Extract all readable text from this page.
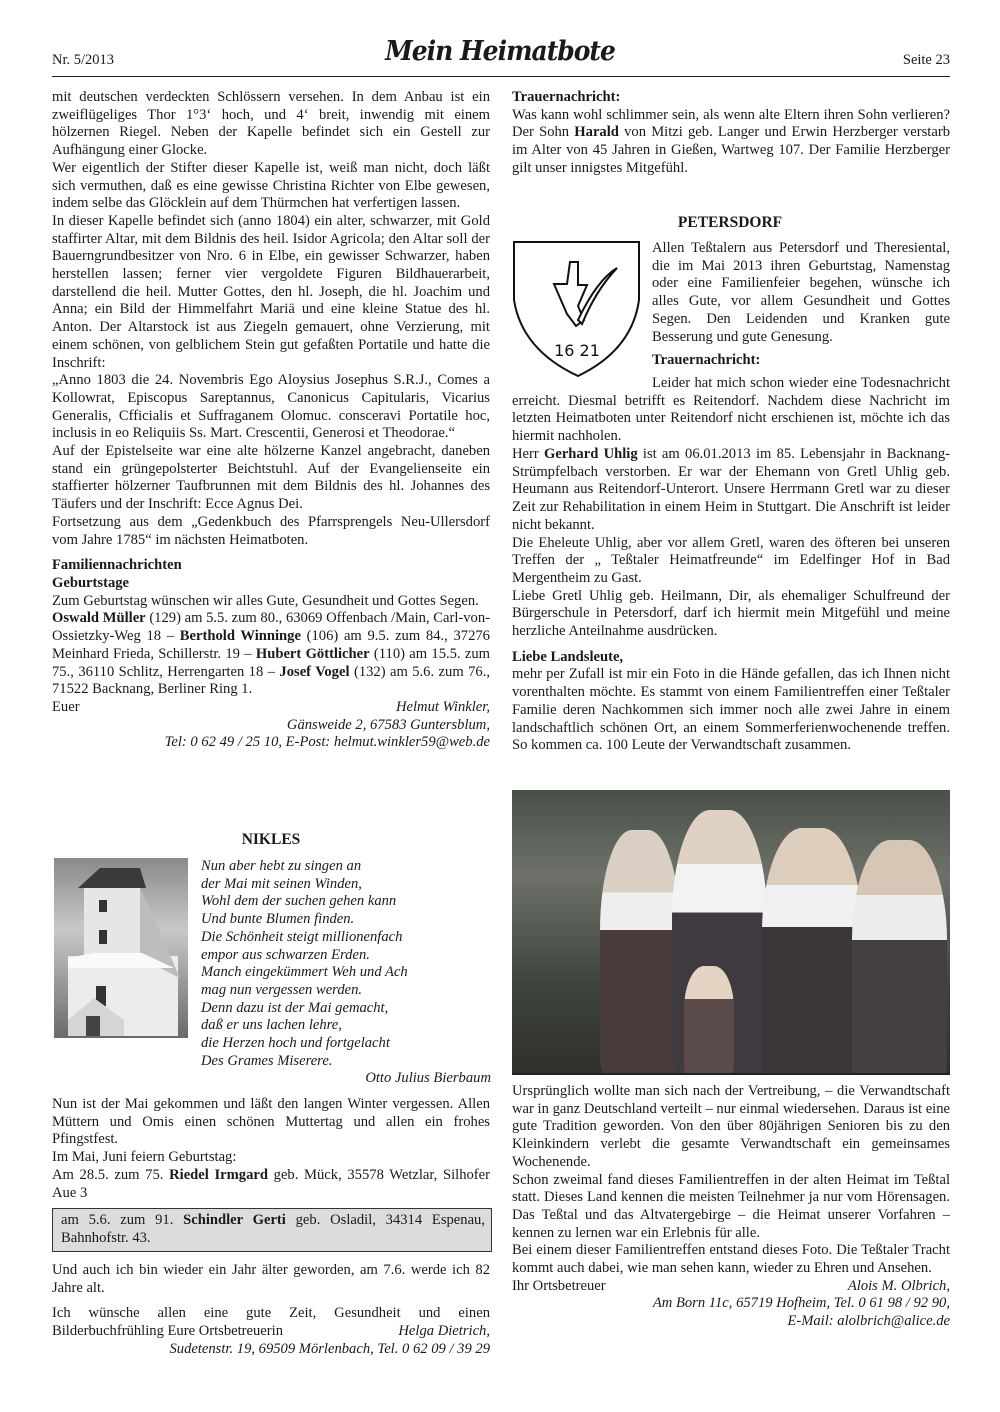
Nr. 5/2013	Mein Heimatbote	Seite 23

mit deutschen verdeckten Schlössern versehen. In dem Anbau ist ein zweiflügeliges Thor 1°3‘ hoch, und 4‘ breit, inwendig mit einem hölzernen Riegel. Neben der Kapelle befindet sich ein Gestell zur Aufhängung einer Glocke.

Wer eigentlich der Stifter dieser Kapelle ist, weiß man nicht, doch läßt sich vermuthen, daß es eine gewisse Christina Richter von Elbe gewesen, indem selbe das Glöcklein auf dem Thürmchen hat verfertigen lassen.

In dieser Kapelle befindet sich (anno 1804) ein alter, schwarzer, mit Gold staffirter Altar, mit dem Bildnis des heil. Isidor Agricola; den Altar soll der Bauerngrundbesitzer von Nro. 6 in Elbe, ein gewisser Schwarzer, haben herstellen lassen; ferner vier vergoldete Figuren Bildhauerarbeit, darstellend die heil. Mutter Gottes, den hl. Joseph, die hl. Joachim und Anna; ein Bild der Himmelfahrt Mariä und eine kleine Statue des hl. Anton. Der Altarstock ist aus Ziegeln gemauert, ohne Verzierung, mit einem schönen, von gelblichem Stein gut gefaßten Portatile und hatte die Inschrift:

„Anno 1803 die 24. Novembris Ego Aloysius Josephus S.R.J., Comes a Kollowrat, Episcopus Sareptannus, Canonicus Capitularis, Vicarius Generalis, Cfficialis et Suffraganem Olomuc. consceravi Portatile hoc, inclusis in eo Reliquiis Ss. Mart. Crescentii, Generosi et Theodorae.“

Auf der Epistelseite war eine alte hölzerne Kanzel angebracht, daneben stand ein grüngepolsterter Beichtstuhl. Auf der Evangelienseite ein staffierter hölzerner Taufbrunnen mit dem Bildnis des hl. Johannes des Täufers und der Inschrift: Ecce Agnus Dei.

Fortsetzung aus dem „Gedenkbuch des Pfarrsprengels Neu-Ullersdorf vom Jahre 1785“ im nächsten Heimatboten.

Familiennachrichten

Geburtstage

Zum Geburtstag wünschen wir alles Gute, Gesundheit und Gottes Segen.

Oswald Müller (129) am 5.5. zum 80., 63069 Offenbach /Main, Carl-von-Ossietzky-Weg 18 – Berthold Winninge (106) am 9.5. zum 84., 37276 Meinhard Frieda, Schillerstr. 19 – Hubert Göttlicher (110) am 15.5. zum 75., 36110 Schlitz, Herrengarten 18 – Josef Vogel (132) am 5.6. zum 76., 71522 Backnang, Berliner Ring 1.

Euer	Helmut Winkler,

Gänsweide 2, 67583 Guntersblum,

Tel: 0 62 49 / 25 10, E-Post: helmut.winkler59@web.de

NIKLES

Nun aber hebt zu singen an

der Mai mit seinen Winden,

Wohl dem der suchen gehen kann

Und bunte Blumen finden.

Die Schönheit steigt millionenfach

empor aus schwarzen Erden.

Manch eingekümmert Weh und Ach

mag nun vergessen werden.

Denn dazu ist der Mai gemacht,

daß er uns lachen lehre,

die Herzen hoch und fortgelacht

Des Grames Miserere.

Otto Julius Bierbaum

Nun ist der Mai gekommen und läßt den langen Winter vergessen. Allen Müttern und Omis einen schönen Muttertag und allen ein frohes Pfingstfest.

Im Mai, Juni feiern Geburtstag:

Am 28.5. zum 75. Riedel Irmgard geb. Mück, 35578 Wetzlar, Silhofer Aue 3

am 5.6. zum 91. Schindler Gerti geb. Osladil, 34314 Espenau, Bahnhofstr. 43.

Und auch ich bin wieder ein Jahr älter geworden, am 7.6. werde ich 82 Jahre alt.

Ich wünsche allen eine gute Zeit, Gesundheit und einen Bilderbuchfrühling Eure Ortsbetreuerin	Helga Dietrich,

Sudetenstr. 19, 69509 Mörlenbach, Tel. 0 62 09 / 39 29

Trauernachricht:

Was kann wohl schlimmer sein, als wenn alte Eltern ihren Sohn verlieren? Der Sohn Harald von Mitzi geb. Langer und Erwin Herzberger verstarb im Alter von 45 Jahren in Gießen, Wartweg 107. Der Familie Herzberger gilt unser innigstes Mitgefühl.

PETERSDORF
16 21

Allen Teßtalern aus Petersdorf und Theresiental, die im Mai 2013 ihren Geburtstag, Namenstag oder eine Familienfeier begehen, wünsche ich alles Gute, vor allem Gesundheit und Gottes Segen. Den Leidenden und Kranken gute Besserung und gute Genesung.

Trauernachricht:

Leider hat mich schon wieder eine Todesnachricht erreicht. Diesmal betrifft es Reitendorf. Nachdem diese Nachricht im letzten Heimatboten unter Reitendorf nicht erschienen ist, möchte ich das hiermit nachholen.

Herr Gerhard Uhlig ist am 06.01.2013 im 85. Lebensjahr in Backnang-Strümpfelbach verstorben. Er war der Ehemann von Gretl Uhlig geb. Heumann aus Reitendorf-Unterort. Unsere Herrmann Gretl war zu dieser Zeit zur Rehabilitation in einem Heim in Stuttgart. Die Anschrift ist leider nicht bekannt.

Die Eheleute Uhlig, aber vor allem Gretl, waren des öfteren bei unseren Treffen der „ Teßtaler Heimatfreunde“ im Edelfinger Hof in Bad Mergentheim zu Gast.

Liebe Gretl Uhlig geb. Heilmann, Dir, als ehemaliger Schulfreund der Bürgerschule in Petersdorf, darf ich hiermit mein Mitgefühl und meine herzliche Anteilnahme ausdrücken.

Liebe Landsleute,

mehr per Zufall ist mir ein Foto in die Hände gefallen, das ich Ihnen nicht vorenthalten möchte. Es stammt von einem Familientreffen einer Teßtaler Familie deren Nachkommen sich immer noch alle zwei Jahre in einem landschaftlich schönen Ort, an einem Sommerferienwochenende treffen. So kommen ca. 100 Leute der Verwandtschaft zusammen.

Ursprünglich wollte man sich nach der Vertreibung, – die Verwandtschaft war in ganz Deutschland verteilt – nur einmal wiedersehen. Daraus ist eine gute Tradition geworden. Von den über 80jährigen Senioren bis zu den Kleinkindern verlebt die gesamte Verwandtschaft ein gemeinsames Wochenende.

Schon zweimal fand dieses Familientreffen in der alten Heimat im Teßtal statt. Dieses Land kennen die meisten Teilnehmer ja nur vom Hörensagen. Das Teßtal und das Altvatergebirge – die Heimat unserer Vorfahren – kennen zu lernen war ein Erlebnis für alle.

Bei einem dieser Familientreffen entstand dieses Foto. Die Teßtaler Tracht kommt auch dabei, wie man sehen kann, wieder zu Ehren und Ansehen.

Ihr Ortsbetreuer	Alois M. Olbrich,

Am Born 11c, 65719 Hofheim, Tel. 0 61 98 / 92 90,

E-Mail: alolbrich@alice.de
